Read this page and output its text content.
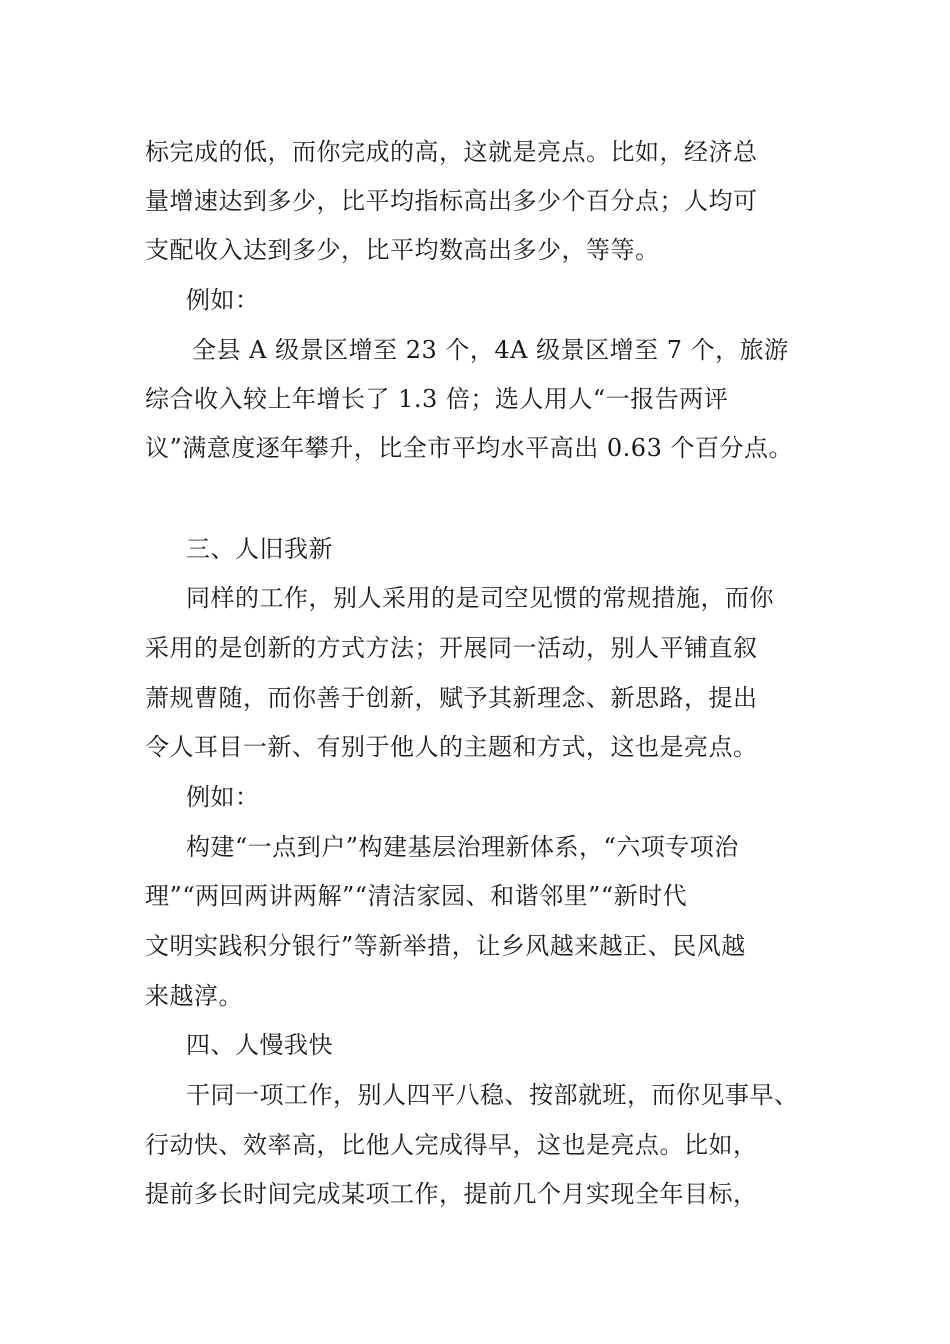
标完成的低，而你完成的高，这就是亮点。比如，经济总
量增速达到多少，比平均指标高出多少个百分点；人均可
支配收入达到多少，比平均数高出多少，等等。
例如：
全县 A 级景区增至 23 个，4A 级景区增至 7 个，旅游
综合收入较上年增长了 1.3 倍；选人用人“一报告两评
议”满意度逐年攀升，比全市平均水平高出 0.63 个百分点。
三、人旧我新
同样的工作，别人采用的是司空见惯的常规措施，而你
采用的是创新的方式方法；开展同一活动，别人平铺直叙
萧规曹随，而你善于创新，赋予其新理念、新思路，提出
令人耳目一新、有别于他人的主题和方式，这也是亮点。
例如：
构建“一点到户”构建基层治理新体系，“六项专项治
理”“两回两讲两解”“清洁家园、和谐邻里”“新时代
文明实践积分银行”等新举措，让乡风越来越正、民风越
来越淳。
四、人慢我快
干同一项工作，别人四平八稳、按部就班，而你见事早、
行动快、效率高，比他人完成得早，这也是亮点。比如，
提前多长时间完成某项工作，提前几个月实现全年目标，
